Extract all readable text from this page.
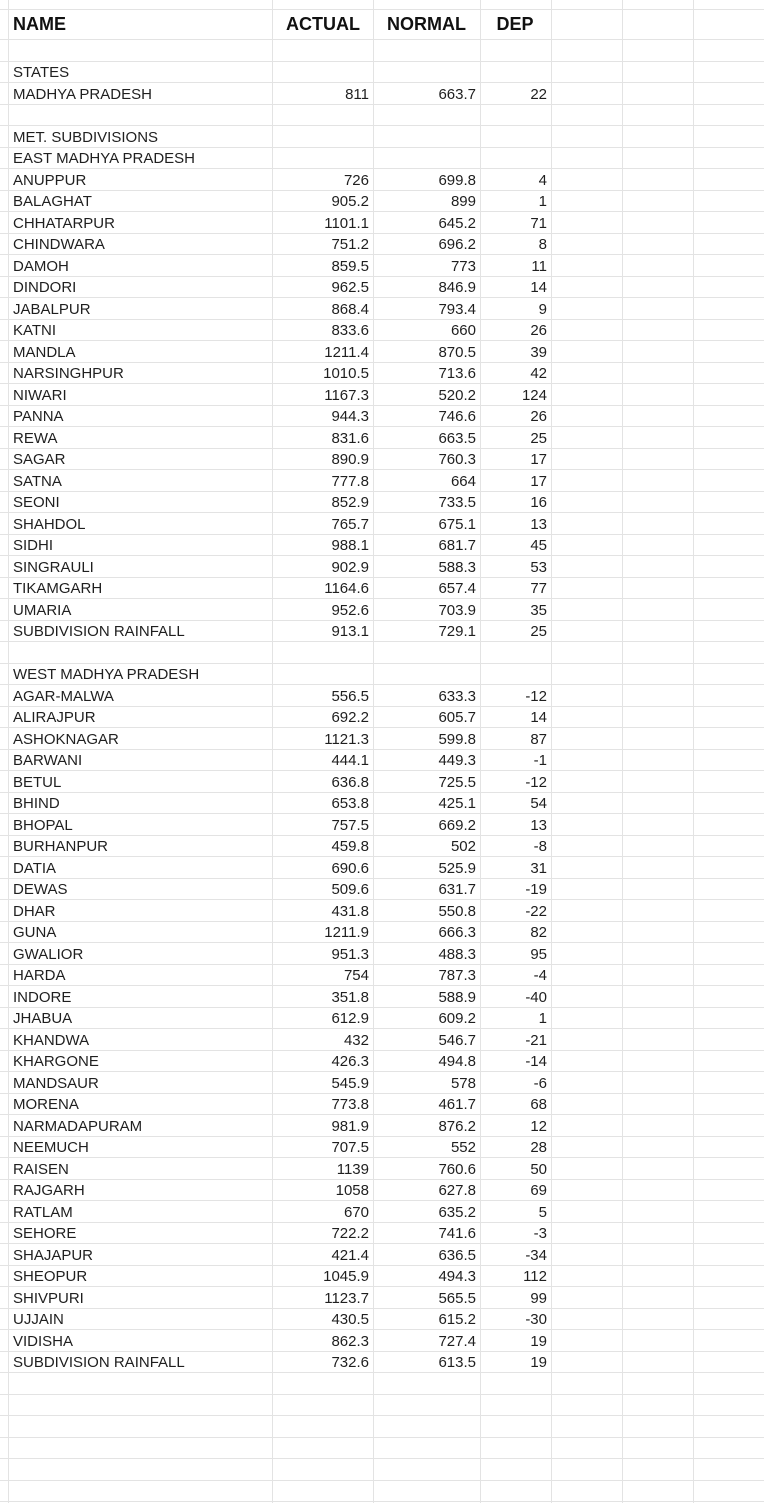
NAME	ACTUAL	NORMAL	DEP
STATES
MADHYA PRADESH	811	663.7	22
MET. SUBDIVISIONS
EAST MADHYA PRADESH
ANUPPUR	726	699.8	4
BALAGHAT	905.2	899	1
CHHATARPUR	1101.1	645.2	71
CHINDWARA	751.2	696.2	8
DAMOH	859.5	773	11
DINDORI	962.5	846.9	14
JABALPUR	868.4	793.4	9
KATNI	833.6	660	26
MANDLA	1211.4	870.5	39
NARSINGHPUR	1010.5	713.6	42
NIWARI	1167.3	520.2	124
PANNA	944.3	746.6	26
REWA	831.6	663.5	25
SAGAR	890.9	760.3	17
SATNA	777.8	664	17
SEONI	852.9	733.5	16
SHAHDOL	765.7	675.1	13
SIDHI	988.1	681.7	45
SINGRAULI	902.9	588.3	53
TIKAMGARH	1164.6	657.4	77
UMARIA	952.6	703.9	35
SUBDIVISION RAINFALL	913.1	729.1	25
WEST MADHYA PRADESH
AGAR-MALWA	556.5	633.3	-12
ALIRAJPUR	692.2	605.7	14
ASHOKNAGAR	1121.3	599.8	87
BARWANI	444.1	449.3	-1
BETUL	636.8	725.5	-12
BHIND	653.8	425.1	54
BHOPAL	757.5	669.2	13
BURHANPUR	459.8	502	-8
DATIA	690.6	525.9	31
DEWAS	509.6	631.7	-19
DHAR	431.8	550.8	-22
GUNA	1211.9	666.3	82
GWALIOR	951.3	488.3	95
HARDA	754	787.3	-4
INDORE	351.8	588.9	-40
JHABUA	612.9	609.2	1
KHANDWA	432	546.7	-21
KHARGONE	426.3	494.8	-14
MANDSAUR	545.9	578	-6
MORENA	773.8	461.7	68
NARMADAPURAM	981.9	876.2	12
NEEMUCH	707.5	552	28
RAISEN	1139	760.6	50
RAJGARH	1058	627.8	69
RATLAM	670	635.2	5
SEHORE	722.2	741.6	-3
SHAJAPUR	421.4	636.5	-34
SHEOPUR	1045.9	494.3	112
SHIVPURI	1123.7	565.5	99
UJJAIN	430.5	615.2	-30
VIDISHA	862.3	727.4	19
SUBDIVISION RAINFALL	732.6	613.5	19
